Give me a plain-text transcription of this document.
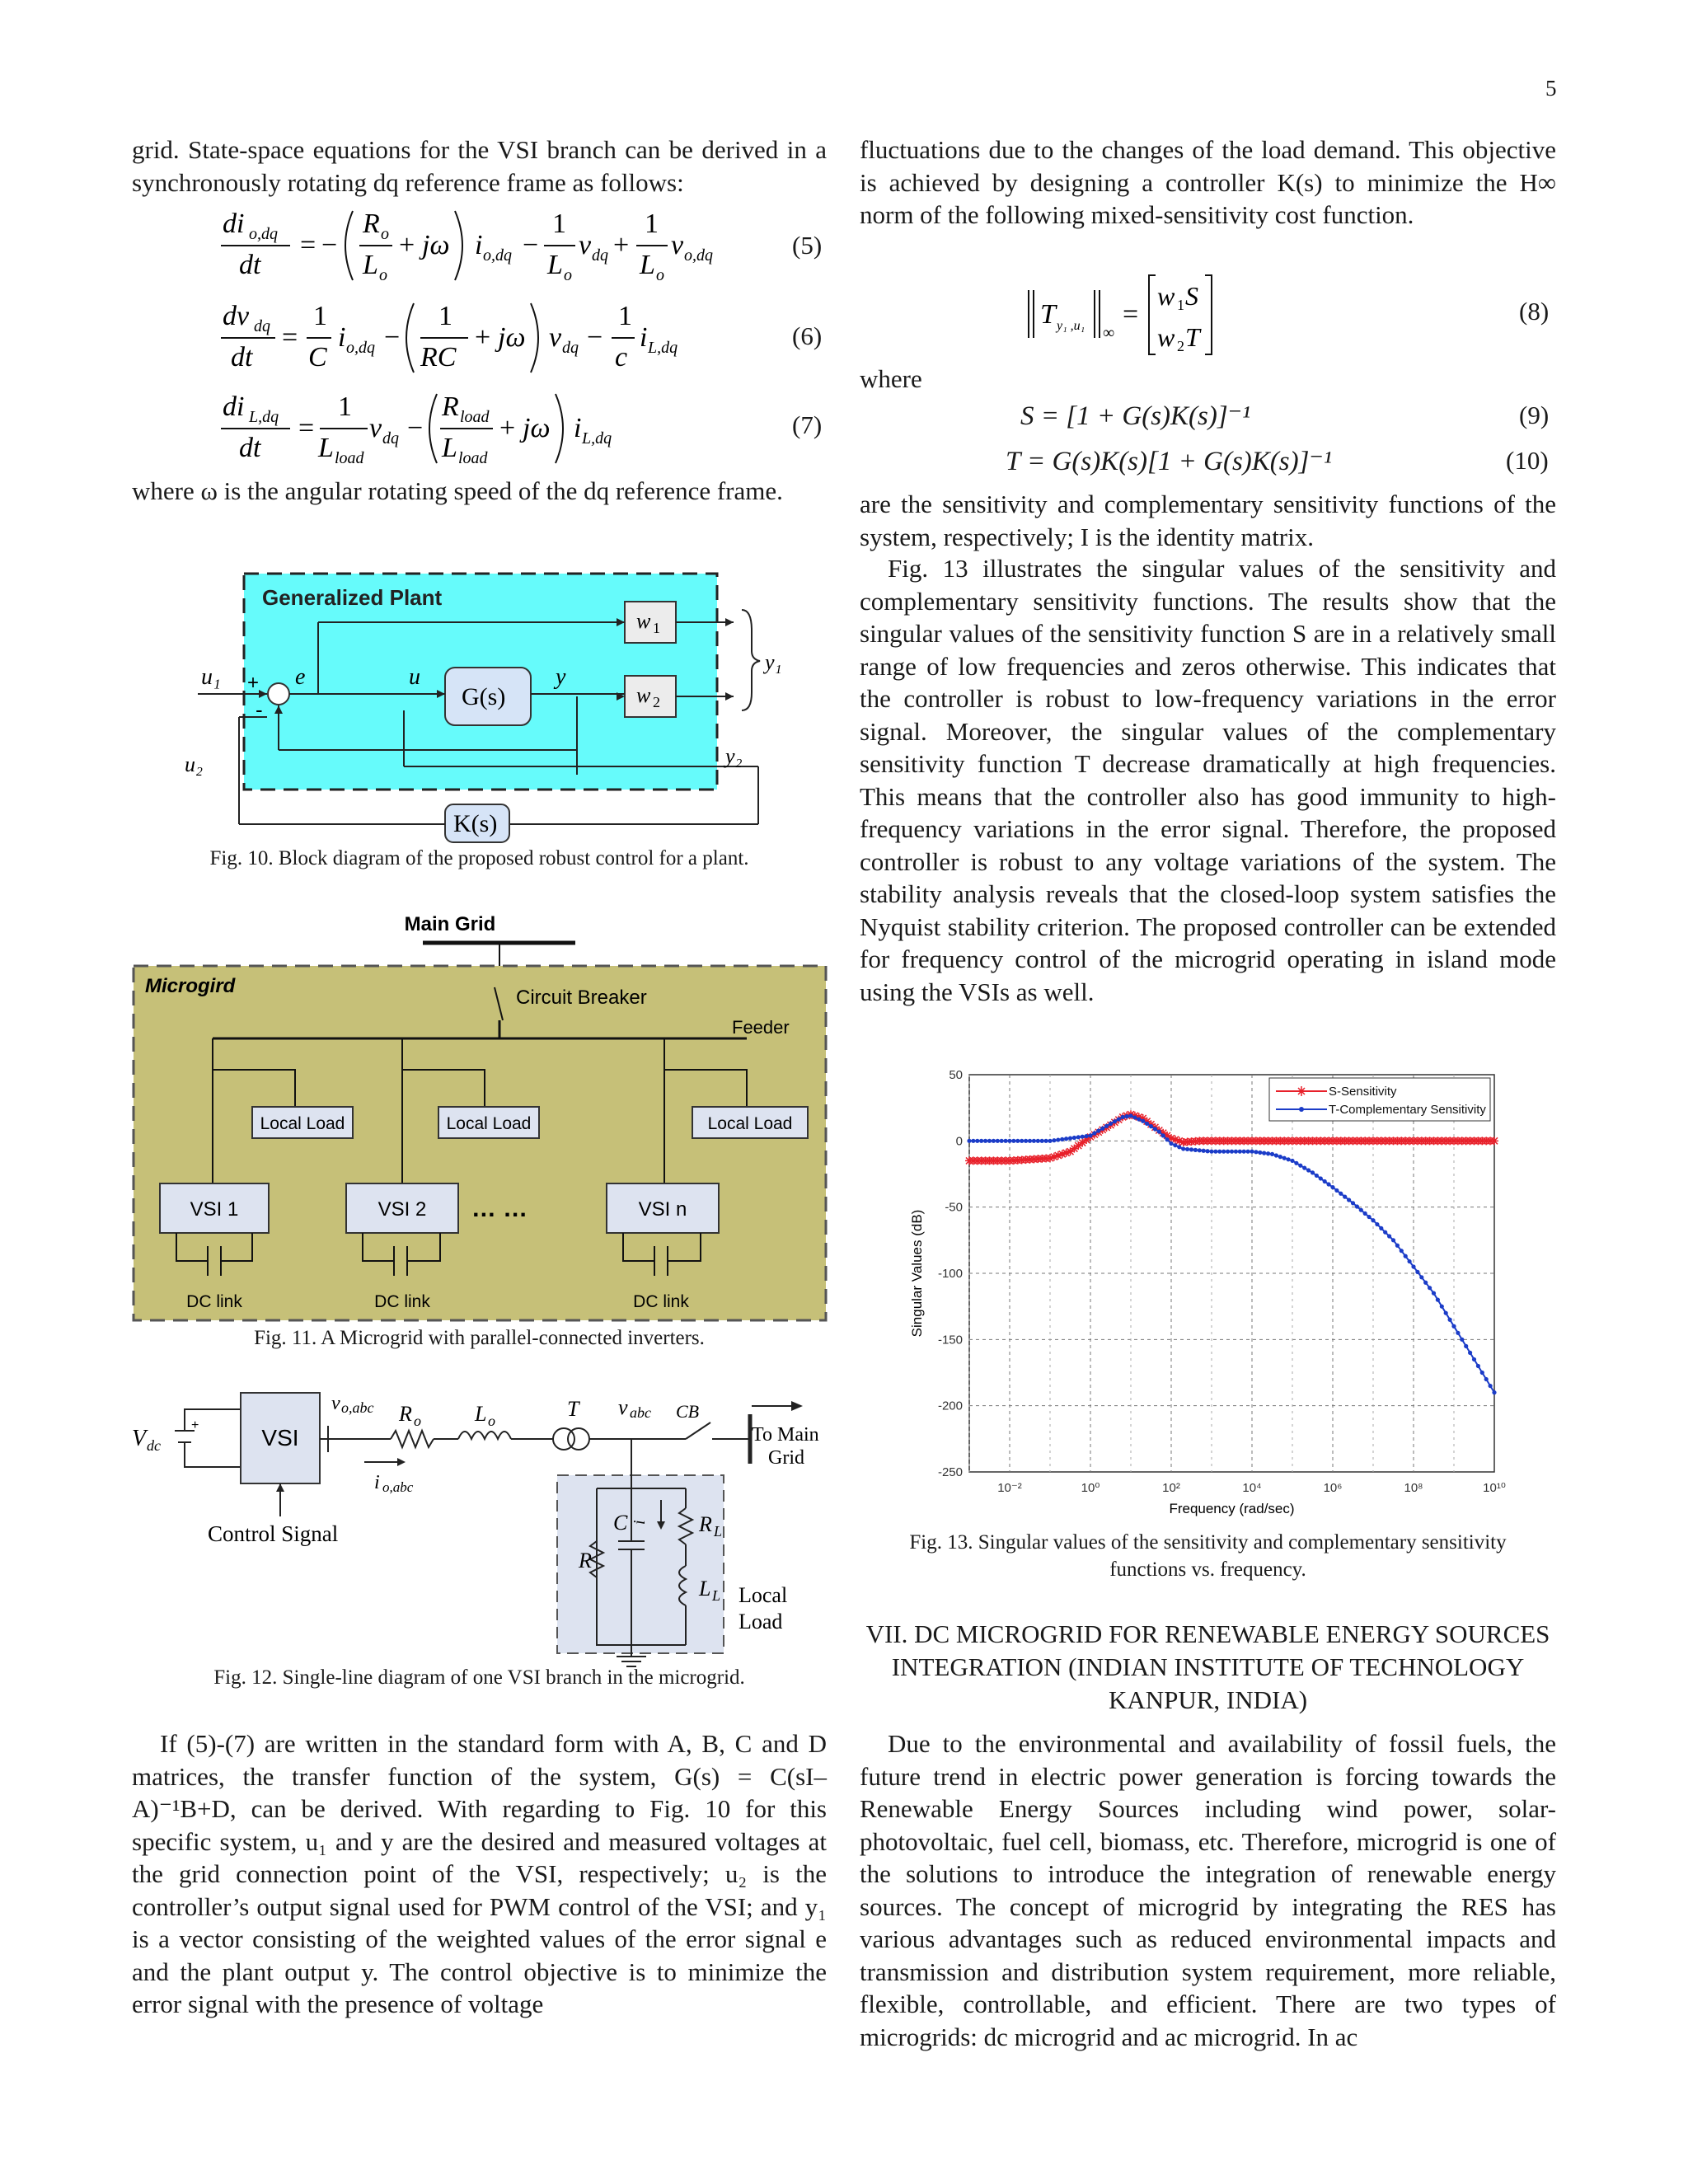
5

grid. State-space equations for the VSI branch can be derived in a synchronously rotating dq reference frame as follows:

di o,dq
dt
= −
R o
L o
+ jω i o,dq −
1
L o
v dq +
1
L o
v o,dq	(5)
dv dq
dt
=
1
C
i o,dq −
1
RC
+ jω v dq −
1
c
i L,dq	(6)
di L,dq
dt
=
1
L load
v dq −
R load
L load
+ jω i L,dq	(7)

where ω is the angular rotating speed of the dq reference frame.

Generalized Plant
w 1
w 2
G(s)
K(s)
u₁ +
-
e	u	y
y₁
y₂
u₂
Fig. 10. Block diagram of the proposed robust control for a plant.
Main Grid
Microgird
Circuit Breaker
Feeder
Local Load	Local Load	Local Load
VSI 1	VSI 2 … …	VSI n
DC link	DC link	DC link
Fig. 11. A Microgrid with parallel-connected inverters.
V dc
+	VSI
Control Signal
v o,abc R o	L o	T v abc CB
To Main
Grid
i o,abc
i
R
C	R L
L L Local
Load
Fig. 12. Single-line diagram of one VSI branch in the microgrid.

If (5)-(7) are written in the standard form with A, B, C and D matrices, the transfer function of the system, G(s) = C(sI–A)⁻¹B+D, can be derived. With regarding to Fig. 10 for this specific system, u₁ and y are the desired and measured voltages at the grid connection point of the VSI, respectively; u₂ is the controller’s output signal used for PWM control of the VSI; and y₁ is a vector consisting of the weighted values of the error signal e and the plant output y. The control objective is to minimize the error signal with the presence of voltage

fluctuations due to the changes of the load demand. This objective is achieved by designing a controller K(s) to minimize the H∞ norm of the following mixed-sensitivity cost function.

T y₁ ,u₁ ∞
=
w 1 S
w 2 T
(8)
where
S = [1 + G(s)K(s)]⁻¹	(9)
T = G(s)K(s)[1 + G(s)K(s)]⁻¹	(10)

are the sensitivity and complementary sensitivity functions of the system, respectively; I is the identity matrix.

Fig. 13 illustrates the singular values of the sensitivity and complementary sensitivity functions. The results show that the singular values of the sensitivity function S are in a relatively small range of low frequencies and zeros otherwise. This indicates that the controller is robust to low-frequency variations in the error signal. Moreover, the singular values of the complementary sensitivity function T decrease dramatically at high frequencies. This means that the controller also has good immunity to high-frequency variations in the error signal. Therefore, the proposed controller is robust to any voltage variations of the system. The stability analysis reveals that the closed-loop system satisfies the Nyquist stability criterion. The proposed controller can be extended for frequency control of the microgrid operating in island mode using the VSIs as well.

50
0
-50
-100
-150
-200
-250
10⁻²	10⁰	10²	10⁴	10⁶	10⁸	10¹⁰
Frequency (rad/sec)
Singular Values (dB)
S-Sensitivity
T-Complementary Sensitivity
Fig. 13. Singular values of the sensitivity and complementary sensitivity
functions vs. frequency.
VII. DC MICROGRID FOR RENEWABLE ENERGY SOURCES
INTEGRATION (INDIAN INSTITUTE OF TECHNOLOGY
KANPUR, INDIA)

Due to the environmental and availability of fossil fuels, the future trend in electric power generation is forcing towards the Renewable Energy Sources including wind power, solar-photovoltaic, fuel cell, biomass, etc. Therefore, microgrid is one of the solutions to introduce the integration of renewable energy sources. The concept of microgrid by integrating the RES has various advantages such as reduced environmental impacts and transmission and distribution system requirement, more reliable, flexible, controllable, and efficient. There are two types of microgrids: dc microgrid and ac microgrid. In ac
